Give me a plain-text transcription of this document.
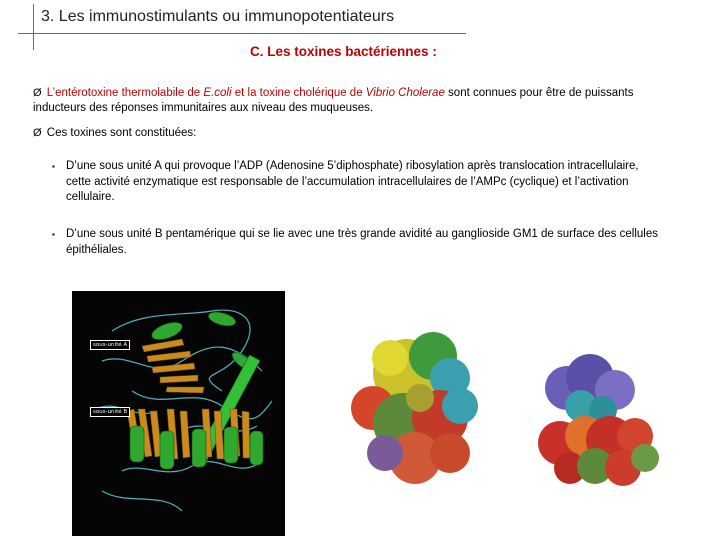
3. Les immunostimulants ou immunopotentiateurs
C. Les toxines bactériennes :
Ø L’entérotoxine thermolabile de E.coli et la toxine cholérique de Vibrio Cholerae sont connues pour être de puissants inducteurs des réponses immunitaires aux niveau des muqueuses.
Ø Ces toxines sont constituées:
▪ D’une sous unité A qui provoque l’ADP (Adenosine 5’diphosphate) ribosylation après translocation intracellulaire, cette activité enzymatique est responsable de l’accumulation intracellulaires de l’AMPc (cyclique) et l’activation cellulaire.
▪ D’une sous unité B pentamérique qui se lie avec une très grande avidité au ganglioside GM1 de surface des cellules épithéliales.
sous-unité A
sous-unité B
